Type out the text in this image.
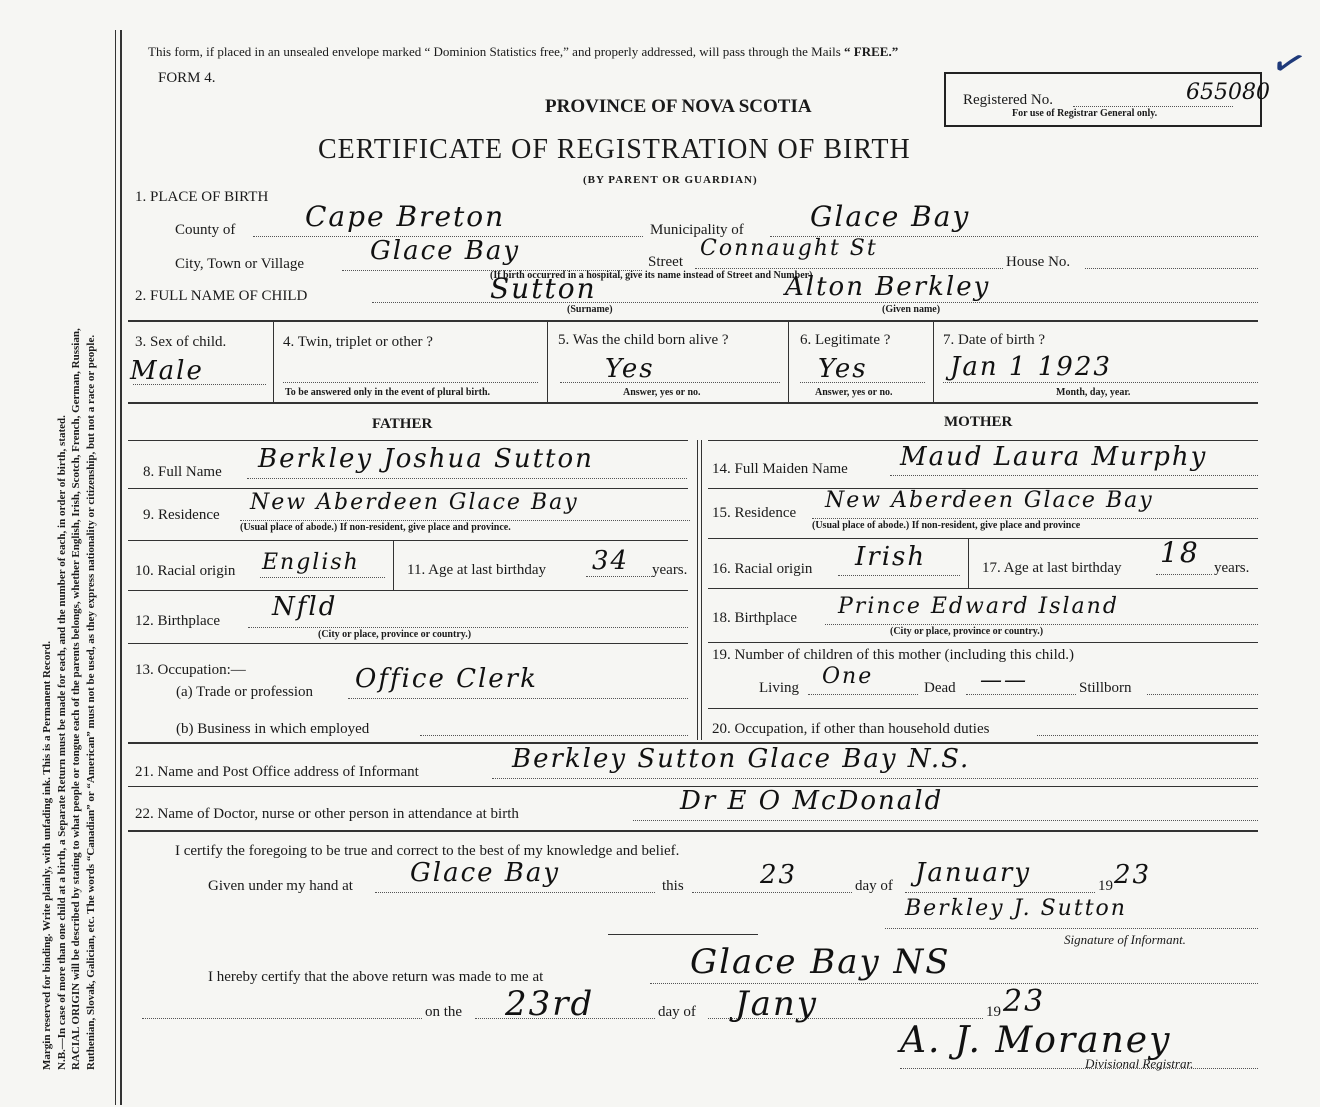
Margin reserved for binding. Write plainly, with unfading ink. This is a Permanent Record. N.B.—In case of more than one child at a birth, a Separate Return must be made for each, and the number of each, in order of birth, stated. RACIAL ORIGIN will be described by stating to what people or tongue each of the parents belongs, whether English, Irish, Scotch, French, German, Russian, Ruthenian, Slovak, Galician, etc. The words “Canadian” or “American” must not be used, as they express nationality or citizenship, but not a race or people.
This form, if placed in an unsealed envelope marked “ Dominion Statistics free,” and properly addressed, will pass through the Mails “ FREE.”
FORM 4.
PROVINCE OF NOVA SCOTIA
CERTIFICATE OF REGISTRATION OF BIRTH
(BY PARENT OR GUARDIAN)
Registered No.	655080
For use of Registrar General only.
✓
1. PLACE OF BIRTH
County of Cape Breton	Municipality of Glace Bay
City, Town or Village	Glace Bay	Street
Connaught St
House No.
(If birth occurred in a hospital, give its name instead of Street and Number)
2. FULL NAME OF CHILD	Sutton
(Surname)
Alton Berkley
(Given name)
3. Sex of child.
Male
4. Twin, triplet or other ?
To be answered only in the event of plural birth.
5. Was the child born alive ?
Yes
Answer, yes or no.
6. Legitimate ?
Yes
Answer, yes or no.
7. Date of birth ?
Jan 1 1923
Month, day, year.
FATHER	MOTHER
8. Full Name Berkley Joshua Sutton
9. Residence New Aberdeen Glace Bay
(Usual place of abode.) If non-resident, give place and province.
10. Racial origin English	11. Age at last birthday 34 years.
12. Birthplace Nfld
(City or place, province or country.)
13. Occupation:—
(a) Trade or profession Office Clerk
(b) Business in which employed
14. Full Maiden Name Maud Laura Murphy
15. Residence New Aberdeen Glace Bay
(Usual place of abode.) If non-resident, give place and province
16. Racial origin Irish	17. Age at last birthday 18 years.
18. Birthplace Prince Edward Island
(City or place, province or country.)
19. Number of children of this mother (including this child.)
Living One	Dead ——	Stillborn
20. Occupation, if other than household duties
21. Name and Post Office address of Informant	Berkley Sutton Glace Bay N.S.
22. Name of Doctor, nurse or other person in attendance at birth	Dr E O McDonald
I certify the foregoing to be true and correct to the best of my knowledge and belief.
Given under my hand at Glace Bay	this	23	day of January	19 23
Berkley J. Sutton
Signature of Informant.
I hereby certify that the above return was made to me at	Glace Bay NS
on the 23rd	day of Jany	19 23
A. J. Moraney
Divisional Registrar.
